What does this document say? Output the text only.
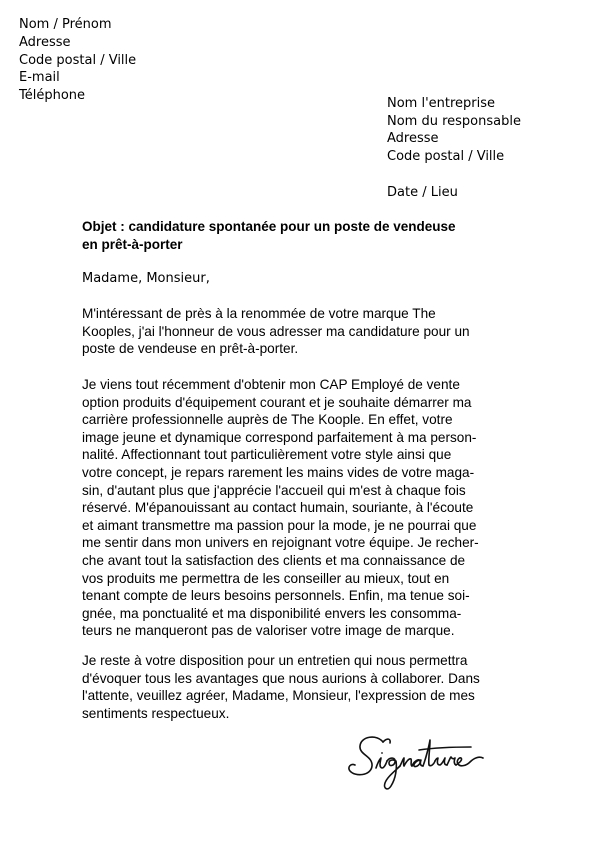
Nom / Prénom
Adresse
Code postal / Ville
E-mail
Téléphone
Nom l'entreprise
Nom du responsable
Adresse
Code postal / Ville
Date / Lieu
Objet : candidature spontanée pour un poste de vendeuse
en prêt-à-porter
Madame, Monsieur,
M'intéressant de près à la renommée de votre marque The
Kooples, j'ai l'honneur de vous adresser ma candidature pour un
poste de vendeuse en prêt-à-porter.
Je viens tout récemment d'obtenir mon CAP Employé de vente
option produits d'équipement courant et je souhaite démarrer ma
carrière professionnelle auprès de The Koople. En effet, votre
image jeune et dynamique correspond parfaitement à ma person-
nalité. Affectionnant tout particulièrement votre style ainsi que
votre concept, je repars rarement les mains vides de votre maga-
sin, d'autant plus que j'apprécie l'accueil qui m'est à chaque fois
réservé. M'épanouissant au contact humain, souriante, à l'écoute
et aimant transmettre ma passion pour la mode, je ne pourrai que
me sentir dans mon univers en rejoignant votre équipe. Je recher-
che avant tout la satisfaction des clients et ma connaissance de
vos produits me permettra de les conseiller au mieux, tout en
tenant compte de leurs besoins personnels. Enfin, ma tenue soi-
gnée, ma ponctualité et ma disponibilité envers les consomma-
teurs ne manqueront pas de valoriser votre image de marque.
Je reste à votre disposition pour un entretien qui nous permettra
d'évoquer tous les avantages que nous aurions à collaborer. Dans
l'attente, veuillez agréer, Madame, Monsieur, l'expression de mes
sentiments respectueux.
